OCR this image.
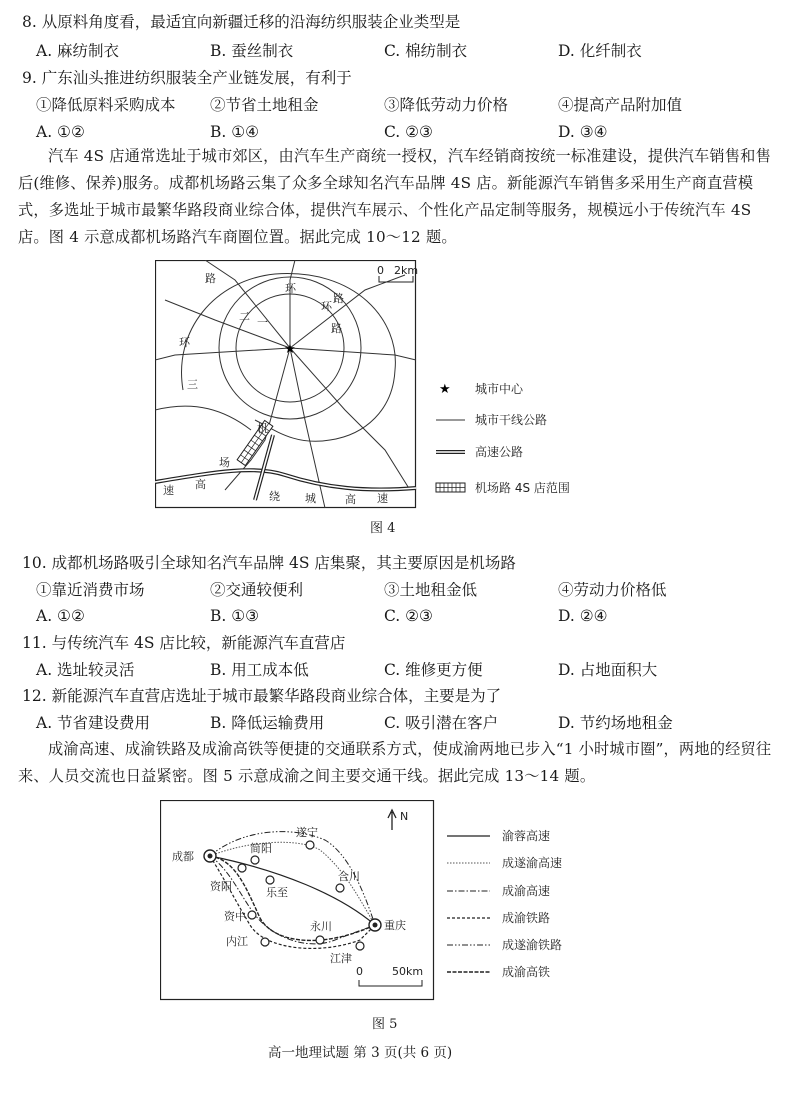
8. 从原料角度看，最适宜向新疆迁移的沿海纺织服装企业类型是
A. 麻纺制衣	B. 蚕丝制衣	C. 棉纺制衣	D. 化纤制衣
9. 广东汕头推进纺织服装全产业链发展，有利于
①降低原料采购成本 ②节省土地租金	③降低劳动力价格	④提高产品附加值
A. ①②	B. ①④	C. ②③	D. ③④

汽车 4S 店通常选址于城市郊区，由汽车生产商统一授权，汽车经销商按统一标准建设，提供汽车销售和售后(维修、保养)服务。成都机场路云集了众多全球知名汽车品牌 4S 店。新能源汽车销售多采用生产商直营模式，多选址于城市最繁华路段商业综合体，提供汽车展示、个性化产品定制等服务，规模远小于传统汽车 4S 店。图 4 示意成都机场路汽车商圈位置。据此完成 10～12 题。

★
路
环
路
二 一
环
路
环
三
机
场
速 高
绕 城	高 速
0 2km
★ 城市中心
城市干线公路
高速公路
机场路 4S 店范围
图 4
10. 成都机场路吸引全球知名汽车品牌 4S 店集聚，其主要原因是机场路
①靠近消费市场	②交通较便利	③土地租金低	④劳动力价格低
A. ①②	B. ①③	C. ②③	D. ②④
11. 与传统汽车 4S 店比较，新能源汽车直营店
A. 选址较灵活	B. 用工成本低	C. 维修更方便	D. 占地面积大
12. 新能源汽车直营店选址于城市最繁华路段商业综合体，主要是为了
A. 节省建设费用	B. 降低运输费用	C. 吸引潜在客户	D. 节约场地租金

成渝高速、成渝铁路及成渝高铁等便捷的交通联系方式，使成渝两地已步入“1 小时城市圈”，两地的经贸往来、人员交流也日益紧密。图 5 示意成渝之间主要交通干线。据此完成 13～14 题。

成都
遂宁
简阳
合川
资阳	乐至
资中
永川	重庆
内江
江津
N
0	50km
渝蓉高速
成遂渝高速
成渝高速
成渝铁路
成遂渝铁路
成渝高铁
图 5
高一地理试题 第 3 页(共 6 页)
